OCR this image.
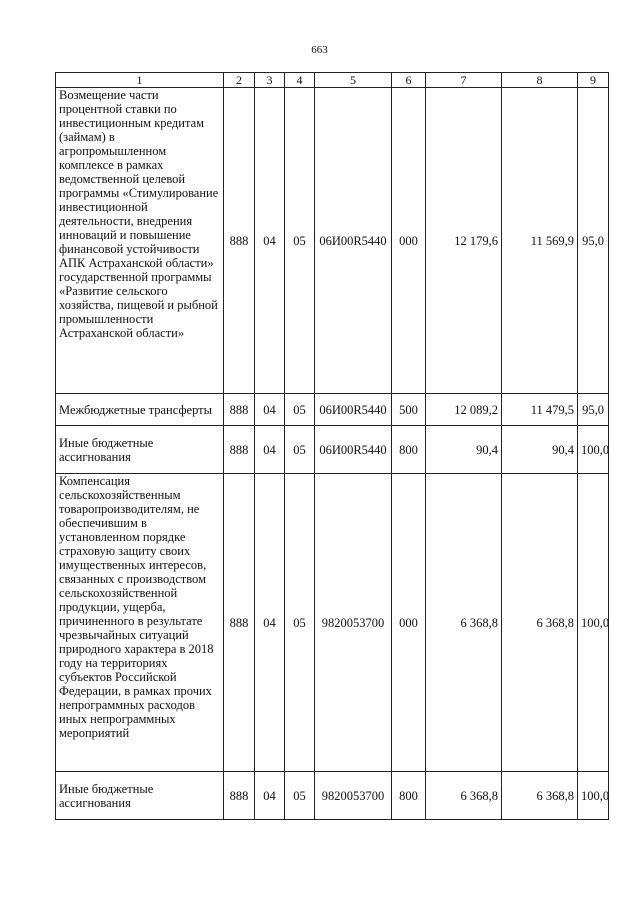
663
1	2	3	4	5	6	7	8	9
Возмещение части процентной ставки по инвестиционным кредитам (займам) в агропромышленном комплексе в рамках ведомственной целевой программы «Стимулирование инвестиционной деятельности, внедрения инноваций и повышение финансовой устойчивости АПК Астраханской области» государственной программы «Развитие сельского хозяйства, пищевой и рыбной промышленности Астраханской области»	888	04	05	06И00R5440	000	12 179,6	11 569,9	95,0
Межбюджетные трансферты	888	04	05	06И00R5440	500	12 089,2	11 479,5	95,0
Иные бюджетные ассигнования	888	04	05	06И00R5440	800	90,4	90,4	100,0
Компенсация сельскохозяйственным товаропроизводителям, не обеспечившим в установленном порядке страховую защиту своих имущественных интересов, связанных с производством сельскохозяйственной продукции, ущерба, причиненного в результате чрезвычайных ситуаций природного характера в 2018 году на территориях субъектов Российской Федерации, в рамках прочих непрограммных расходов иных непрограммных мероприятий	888	04	05	9820053700	000	6 368,8	6 368,8	100,0
Иные бюджетные ассигнования	888	04	05	9820053700	800	6 368,8	6 368,8	100,0
